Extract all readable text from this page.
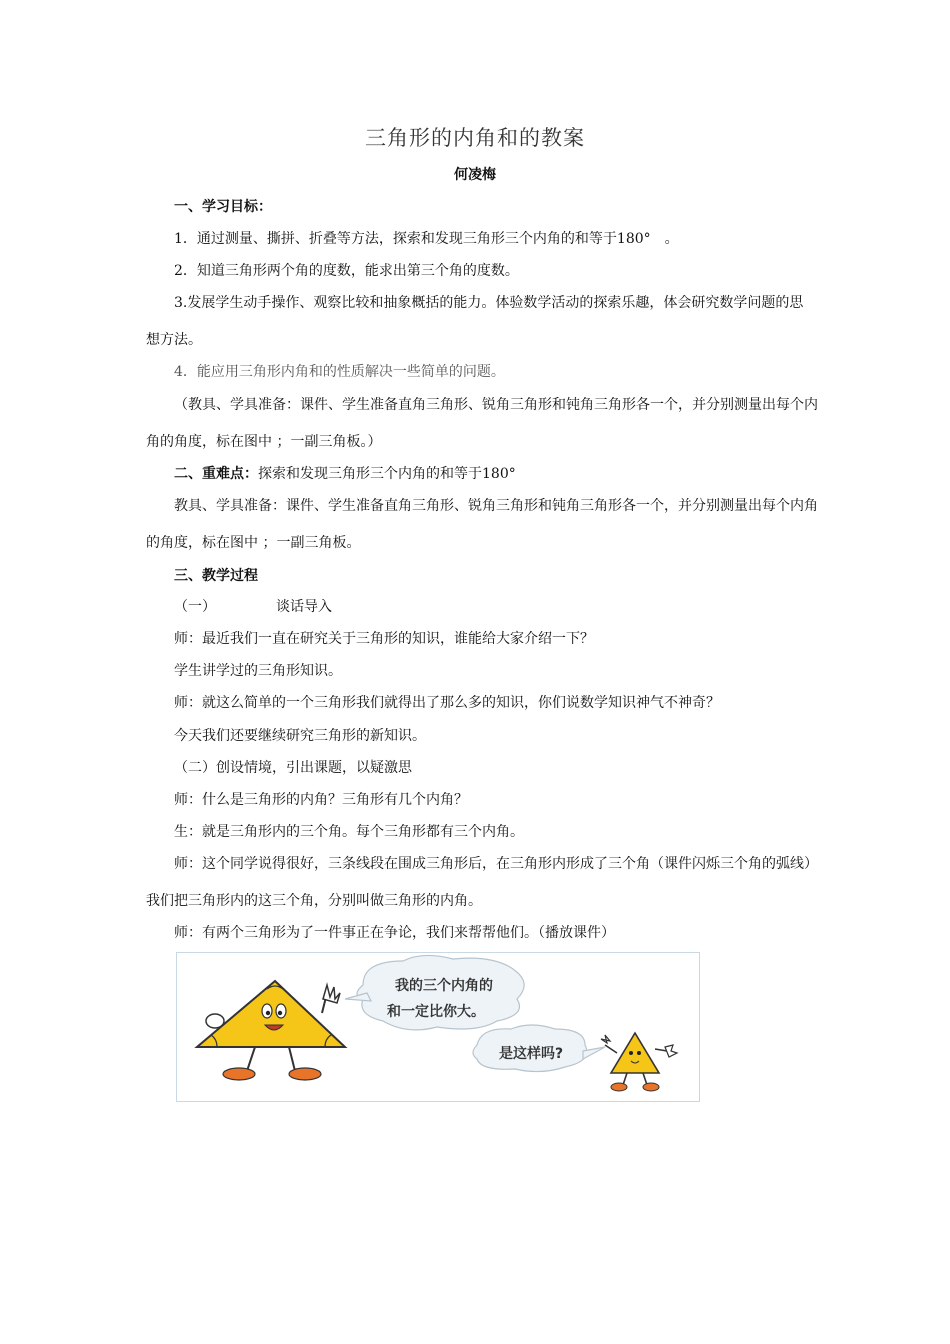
三角形的内角和的教案
何凌梅
一、学习目标：
1．通过测量、撕拼、折叠等方法，探索和发现三角形三个内角的和等于180°　。
2．知道三角形两个角的度数，能求出第三个角的度数。
3.发展学生动手操作、观察比较和抽象概括的能力。体验数学活动的探索乐趣，体会研究数学问题的思
想方法。
4．能应用三角形内角和的性质解决一些简单的问题。
（教具、学具准备：课件、学生准备直角三角形、锐角三角形和钝角三角形各一个，并分别测量出每个内
角的角度，标在图中 ；一副三角板。）
二、重难点：探索和发现三角形三个内角的和等于180°
教具、学具准备：课件、学生准备直角三角形、锐角三角形和钝角三角形各一个，并分别测量出每个内角
的角度，标在图中 ；一副三角板。
三、教学过程
（一）	谈话导入
师：最近我们一直在研究关于三角形的知识，谁能给大家介绍一下？
学生讲学过的三角形知识。
师：就这么简单的一个三角形我们就得出了那么多的知识，你们说数学知识神气不神奇？
今天我们还要继续研究三角形的新知识。
（二）创设情境，引出课题，以疑激思
师：什么是三角形的内角？三角形有几个内角？
生：就是三角形内的三个角。每个三角形都有三个内角。
师：这个同学说得很好，三条线段在围成三角形后，在三角形内形成了三个角（课件闪烁三个角的弧线）
我们把三角形内的这三个角，分别叫做三角形的内角。
师：有两个三角形为了一件事正在争论，我们来帮帮他们。（播放课件）
我的三个内角的
和一定比你大。
是这样吗?
